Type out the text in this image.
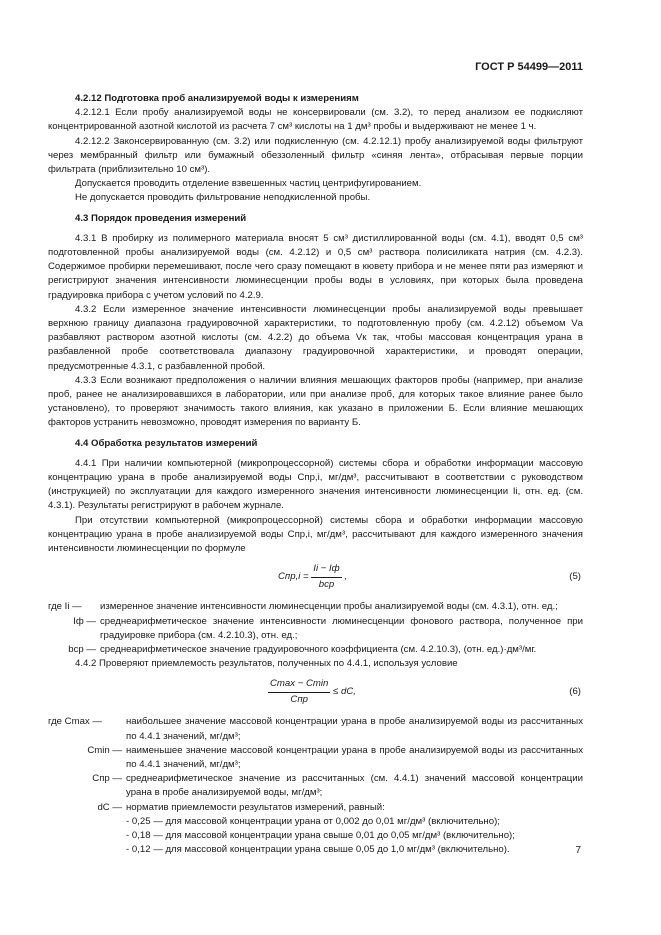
ГОСТ Р 54499—2011

4.2.12 Подготовка проб анализируемой воды к измерениям

4.2.12.1 Если пробу анализируемой воды не консервировали (см. 3.2), то перед анализом ее подкисляют концентрированной азотной кислотой из расчета 7 см³ кислоты на 1 дм³ пробы и выдерживают не менее 1 ч.

4.2.12.2 Законсервированную (см. 3.2) или подкисленную (см. 4.2.12.1) пробу анализируемой воды фильтруют через мембранный фильтр или бумажный обеззоленный фильтр «синяя лента», отбрасывая первые порции фильтрата (приблизительно 10 см³).

Допускается проводить отделение взвешенных частиц центрифугированием.

Не допускается проводить фильтрование неподкисленной пробы.

4.3 Порядок проведения измерений

4.3.1 В пробирку из полимерного материала вносят 5 см³ дистиллированной воды (см. 4.1), вводят 0,5 см³ подготовленной пробы анализируемой воды (см. 4.2.12) и 0,5 см³ раствора полисиликата натрия (см. 4.2.3). Содержимое пробирки перемешивают, после чего сразу помещают в кювету прибора и не менее пяти раз измеряют и регистрируют значения интенсивности люминесценции пробы воды в условиях, при которых была проведена градуировка прибора с учетом условий по 4.2.9.

4.3.2 Если измеренное значение интенсивности люминесценции пробы анализируемой воды превышает верхнюю границу диапазона градуировочной характеристики, то подготовленную пробу (см. 4.2.12) объемом Vа разбавляют раствором азотной кислоты (см. 4.2.2) до объема Vк так, чтобы массовая концентрация урана в разбавленной пробе соответствовала диапазону градуировочной характеристики, и проводят операции, предусмотренные 4.3.1, с разбавленной пробой.

4.3.3 Если возникают предположения о наличии влияния мешающих факторов пробы (например, при анализе проб, ранее не анализировавшихся в лаборатории, или при анализе проб, для которых такое влияние ранее было установлено), то проверяют значимость такого влияния, как указано в приложении Б. Если влияние мешающих факторов устранить невозможно, проводят измерения по варианту Б.

4.4 Обработка результатов измерений

4.4.1 При наличии компьютерной (микропроцессорной) системы сбора и обработки информации массовую концентрацию урана в пробе анализируемой воды Cпр,i, мг/дм³, рассчитывают в соответствии с руководством (инструкцией) по эксплуатации для каждого измеренного значения интенсивности люминесценции Ii, отн. ед. (см. 4.3.1). Результаты регистрируют в рабочем журнале.

При отсутствии компьютерной (микропроцессорной) системы сбора и обработки информации массовую концентрацию урана в пробе анализируемой воды Cпр,i, мг/дм³, рассчитывают для каждого измеренного значения интенсивности люминесценции по формуле

$Cпр,i = \frac{Ii - Iф}{\text{bср}}$ ,	(5)
где Ii —	измеренное значение интенсивности люминесценции пробы анализируемой воды (см. 4.3.1), отн. ед.;
Iф — среднеарифметическое значение интенсивности люминесценции фонового раствора, полученное при градуировке прибора (см. 4.2.10.3), отн. ед.;
bср — среднеарифметическое значение градуировочного коэффициента (см. 4.2.10.3), (отн. ед.)·дм³/мг.

4.4.2 Проверяют приемлемость результатов, полученных по 4.4.1, используя условие

$\frac{Cmax - Cmin}{\text{Cпр}}$ ≤ dC,	(6)
где Cmax —	наибольшее значение массовой концентрации урана в пробе анализируемой воды из рассчитанных по 4.4.1 значений, мг/дм³;
Cmin — наименьшее значение массовой концентрации урана в пробе анализируемой воды из рассчитанных по 4.4.1 значений, мг/дм³;
Cпр — среднеарифметическое значение из рассчитанных (см. 4.4.1) значений массовой концентрации урана в пробе анализируемой воды, мг/дм³;
dC — норматив приемлемости результатов измерений, равный:

- 0,25 — для массовой концентрации урана от 0,002 до 0,01 мг/дм³ (включительно);

- 0,18 — для массовой концентрации урана свыше 0,01 до 0,05 мг/дм³ (включительно);

- 0,12 — для массовой концентрации урана свыше 0,05 до 1,0 мг/дм³ (включительно).	7
